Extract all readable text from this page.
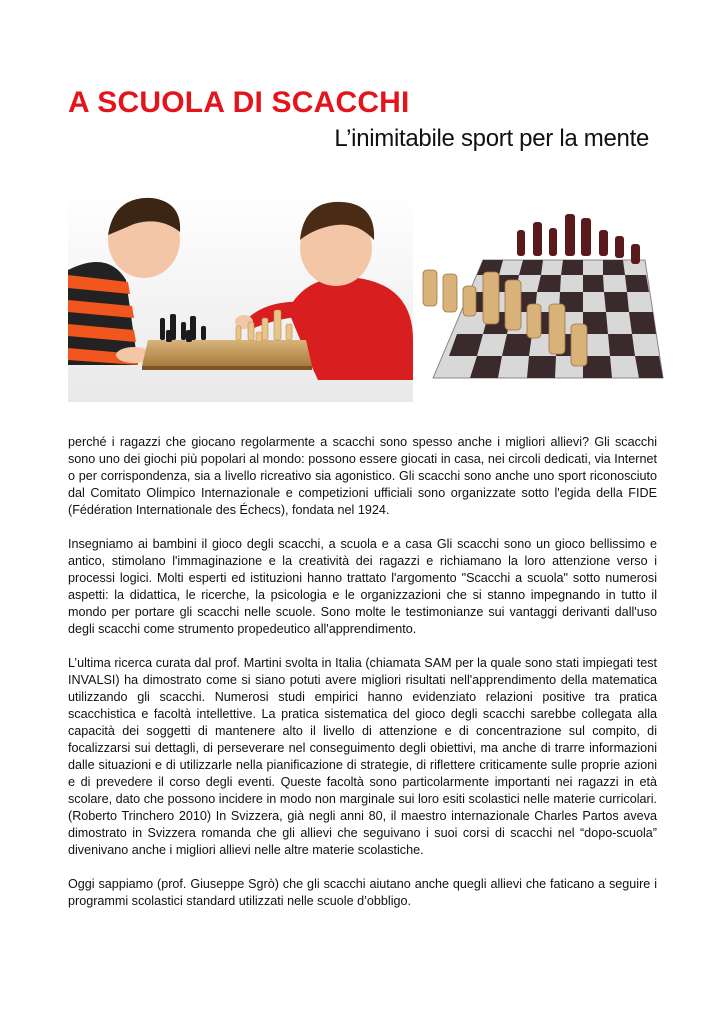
A SCUOLA DI SCACCHI
L’inimitabile sport per la mente

perché i ragazzi che giocano regolarmente a scacchi sono spesso anche i migliori allievi? Gli scacchi sono uno dei giochi più popolari al mondo: possono essere giocati in casa, nei circoli dedicati, via Internet o per corrispondenza, sia a livello ricreativo sia agonistico. Gli scacchi sono anche uno sport riconosciuto dal Comitato Olimpico Internazionale e competizioni ufficiali sono organizzate sotto l'egida della FIDE (Fédération Internationale des Échecs), fondata nel 1924.

Insegniamo ai bambini il gioco degli scacchi, a scuola e a casa Gli scacchi sono un gioco bellissimo e antico, stimolano l'immaginazione e la creatività dei ragazzi e richiamano la loro attenzione verso i processi logici. Molti esperti ed istituzioni hanno trattato l'argomento "Scacchi a scuola" sotto numerosi aspetti: la didattica, le ricerche, la psicologia e le organizzazioni che si stanno impegnando in tutto il mondo per portare gli scacchi nelle scuole. Sono molte le testimonianze sui vantaggi derivanti dall'uso degli scacchi come strumento propedeutico all'apprendimento.

L’ultima ricerca curata dal prof. Martini svolta in Italia (chiamata SAM per la quale sono stati impiegati test INVALSI) ha dimostrato come si siano potuti avere migliori risultati nell'apprendimento della matematica utilizzando gli scacchi. Numerosi studi empirici hanno evidenziato relazioni positive tra pratica scacchistica e facoltà intellettive. La pratica sistematica del gioco degli scacchi sarebbe collegata alla capacità dei soggetti di mantenere alto il livello di attenzione e di concentrazione sul compito, di focalizzarsi sui dettagli, di perseverare nel conseguimento degli obiettivi, ma anche di trarre informazioni dalle situazioni e di utilizzarle nella pianificazione di strategie, di riflettere criticamente sulle proprie azioni e di prevedere il corso degli eventi. Queste facoltà sono particolarmente importanti nei ragazzi in età scolare, dato che possono incidere in modo non marginale sui loro esiti scolastici nelle materie curricolari. (Roberto Trinchero 2010) In Svizzera, già negli anni 80, il maestro internazionale Charles Partos aveva dimostrato in Svizzera romanda che gli allievi che seguivano i suoi corsi di scacchi nel “dopo-scuola” divenivano anche i migliori allievi nelle altre materie scolastiche.

Oggi sappiamo (prof. Giuseppe Sgrò) che gli scacchi aiutano anche quegli allievi che faticano a seguire i programmi scolastici standard utilizzati nelle scuole d’obbligo.
